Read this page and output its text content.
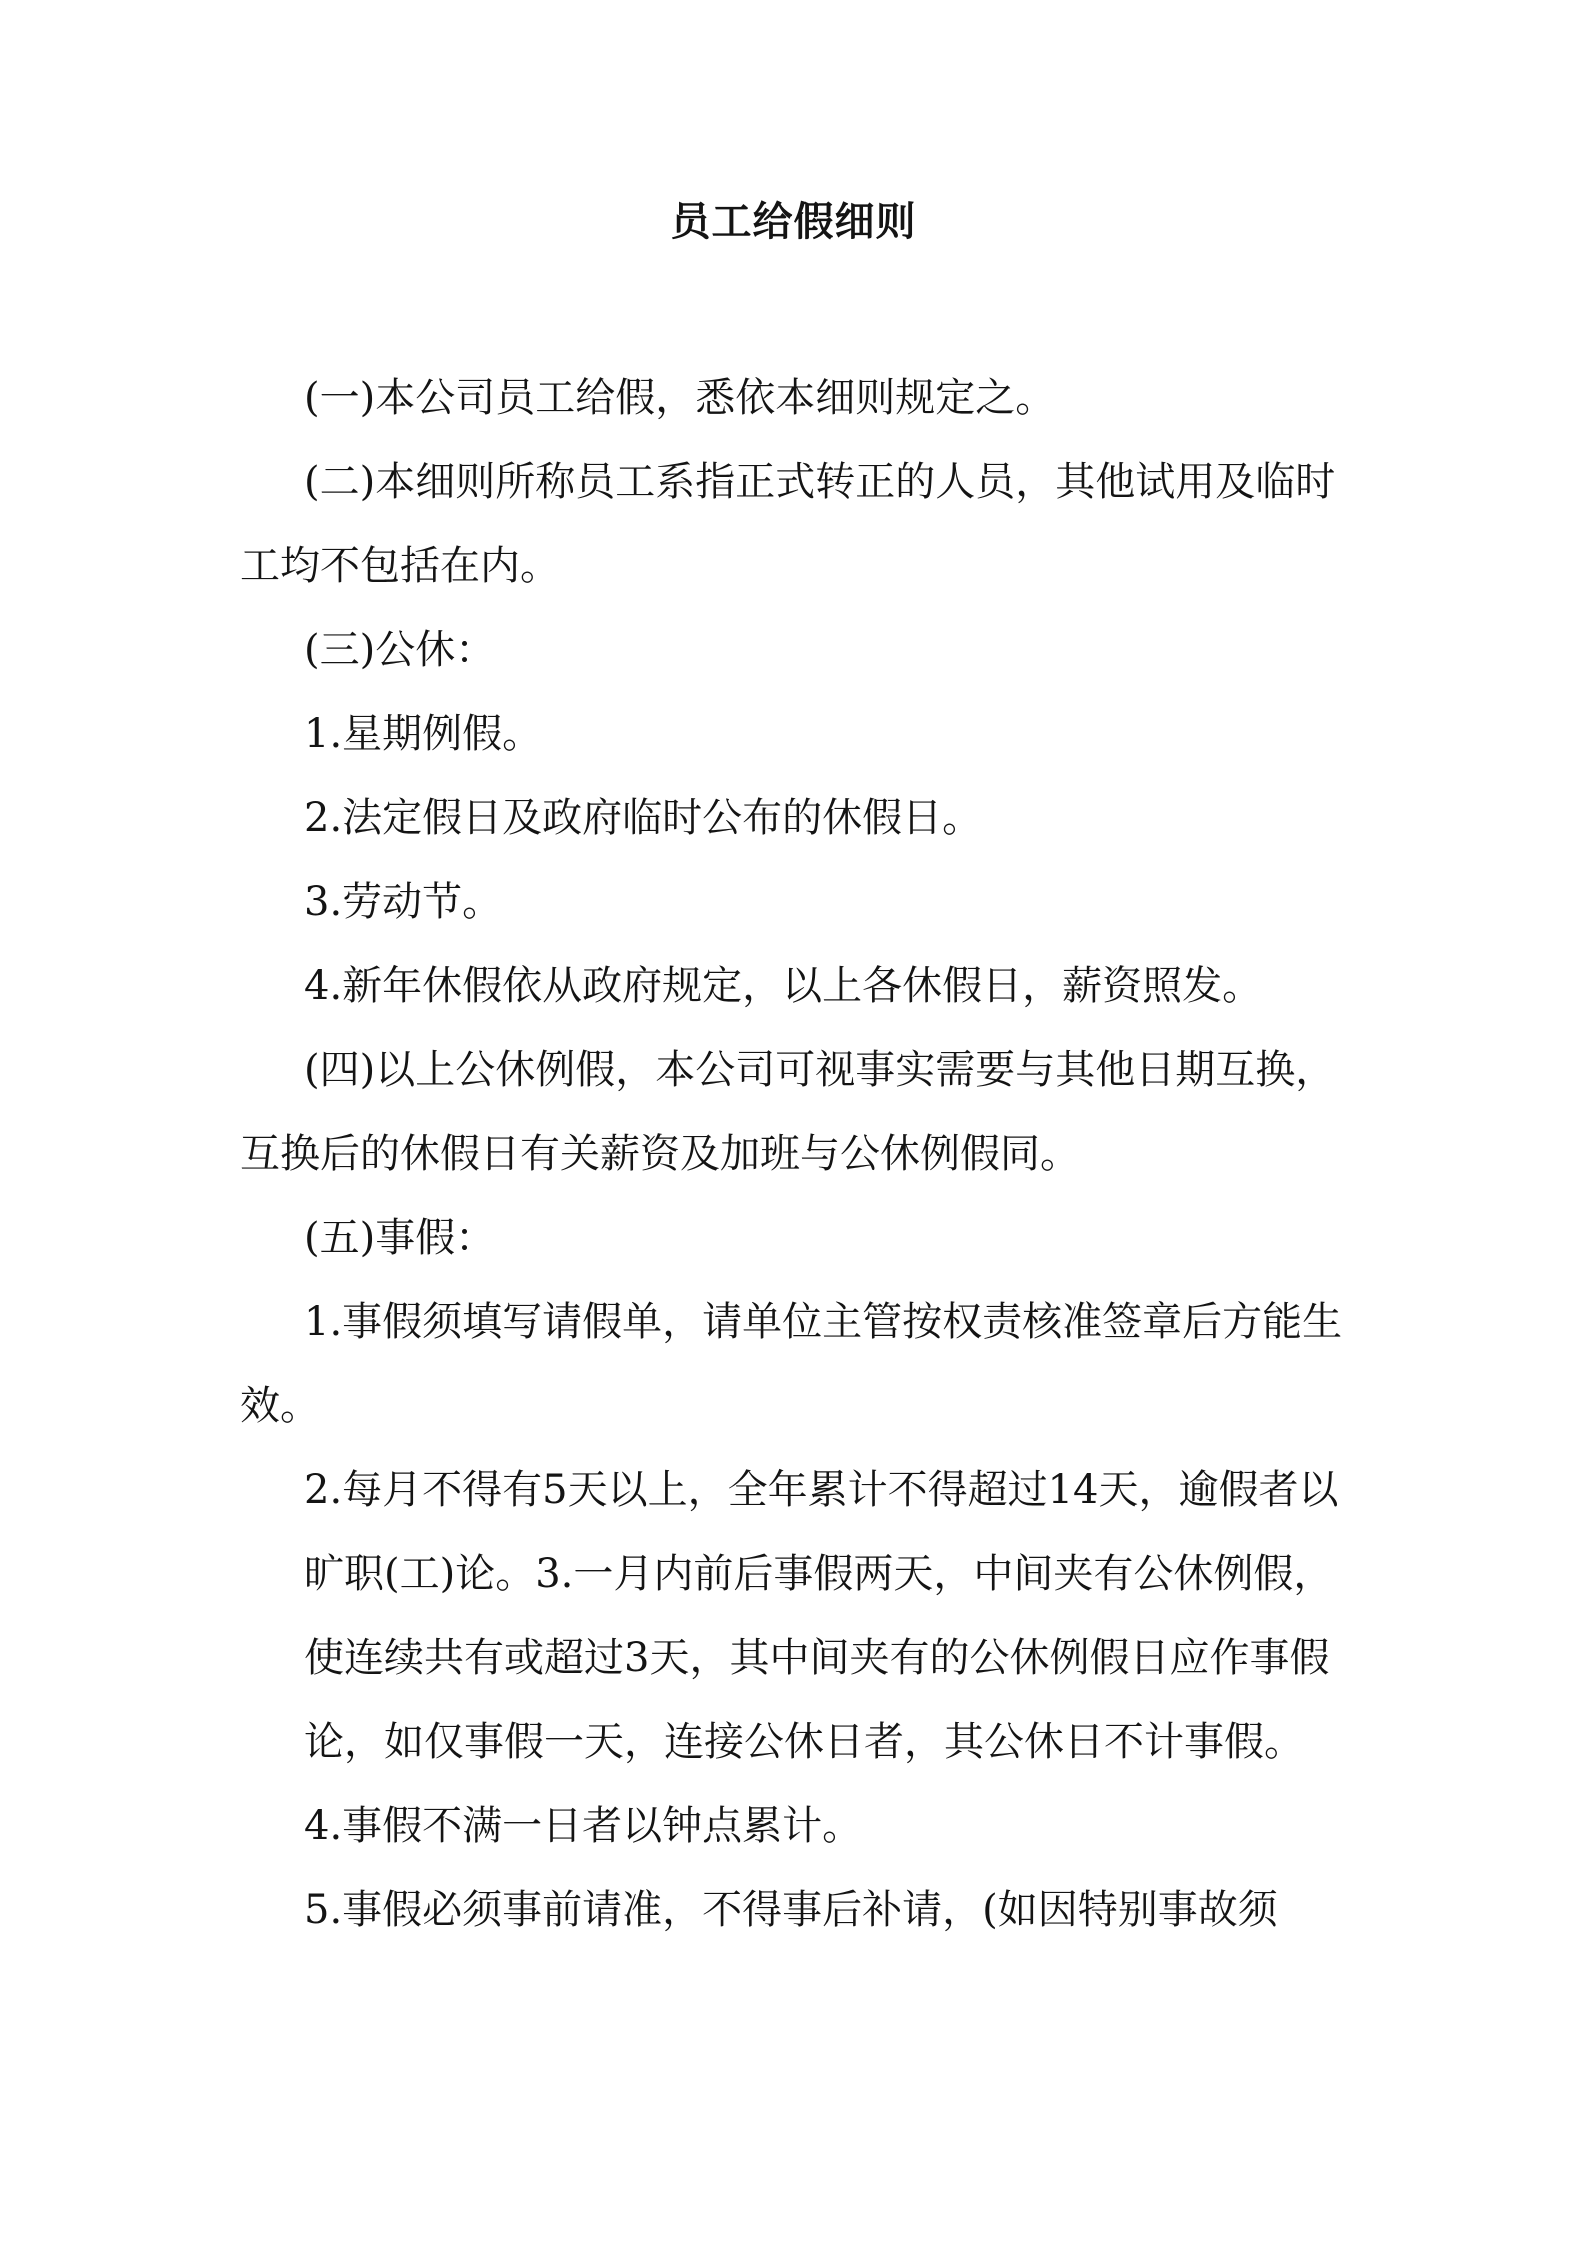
员工给假细则

(一)本公司员工给假，悉依本细则规定之。

(二)本细则所称员工系指正式转正的人员，其他试用及临时工均不包括在内。

(三)公休：

1.星期例假。

2.法定假日及政府临时公布的休假日。

3.劳动节。

4.新年休假依从政府规定，以上各休假日，薪资照发。

(四)以上公休例假，本公司可视事实需要与其他日期互换，互换后的休假日有关薪资及加班与公休例假同。

(五)事假：

1.事假须填写请假单，请单位主管按权责核准签章后方能生效。

2.每月不得有5天以上，全年累计不得超过14天，逾假者以旷职(工)论。3.一月内前后事假两天，中间夹有公休例假，使连续共有或超过3天，其中间夹有的公休例假日应作事假论，如仅事假一天，连接公休日者，其公休日不计事假。

4.事假不满一日者以钟点累计。

5.事假必须事前请准，不得事后补请，(如因特别事故须
